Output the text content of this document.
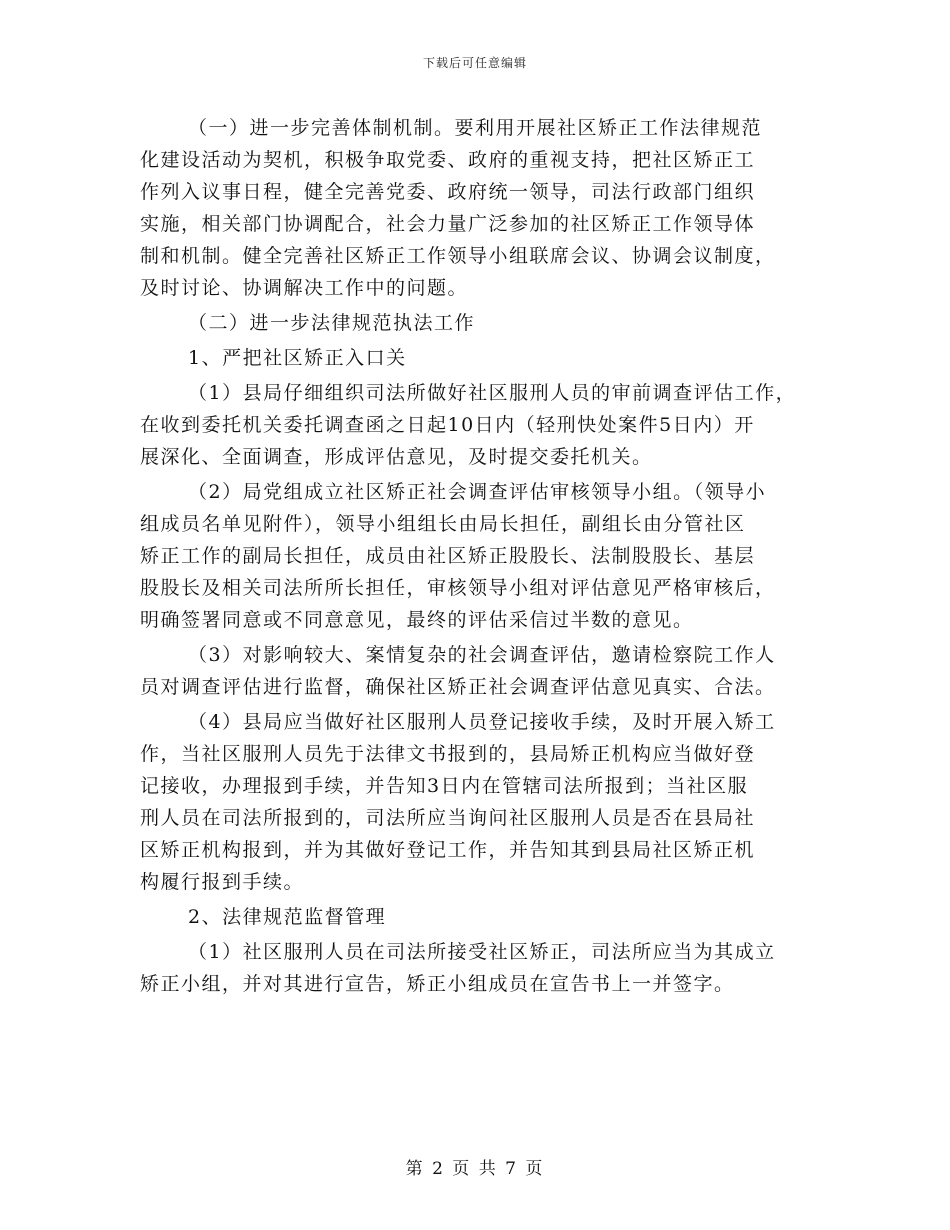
下载后可任意编辑
（一）进一步完善体制机制。要利用开展社区矫正工作法律规范
化建设活动为契机，积极争取党委、政府的重视支持，把社区矫正工
作列入议事日程，健全完善党委、政府统一领导，司法行政部门组织
实施，相关部门协调配合，社会力量广泛参加的社区矫正工作领导体
制和机制。健全完善社区矫正工作领导小组联席会议、协调会议制度，
及时讨论、协调解决工作中的问题。
（二）进一步法律规范执法工作
1、严把社区矫正入口关
（1）县局仔细组织司法所做好社区服刑人员的审前调查评估工作，
在收到委托机关委托调查函之日起10日内（轻刑快处案件5日内）开
展深化、全面调查，形成评估意见，及时提交委托机关。
（2）局党组成立社区矫正社会调查评估审核领导小组。（领导小
组成员名单见附件），领导小组组长由局长担任，副组长由分管社区
矫正工作的副局长担任，成员由社区矫正股股长、法制股股长、基层
股股长及相关司法所所长担任，审核领导小组对评估意见严格审核后，
明确签署同意或不同意意见，最终的评估采信过半数的意见。
（3）对影响较大、案情复杂的社会调查评估，邀请检察院工作人
员对调查评估进行监督，确保社区矫正社会调查评估意见真实、合法。
（4）县局应当做好社区服刑人员登记接收手续，及时开展入矫工
作，当社区服刑人员先于法律文书报到的，县局矫正机构应当做好登
记接收，办理报到手续，并告知3日内在管辖司法所报到；当社区服
刑人员在司法所报到的，司法所应当询问社区服刑人员是否在县局社
区矫正机构报到，并为其做好登记工作，并告知其到县局社区矫正机
构履行报到手续。
2、法律规范监督管理
（1）社区服刑人员在司法所接受社区矫正，司法所应当为其成立
矫正小组，并对其进行宣告，矫正小组成员在宣告书上一并签字。
第 2 页 共 7 页
